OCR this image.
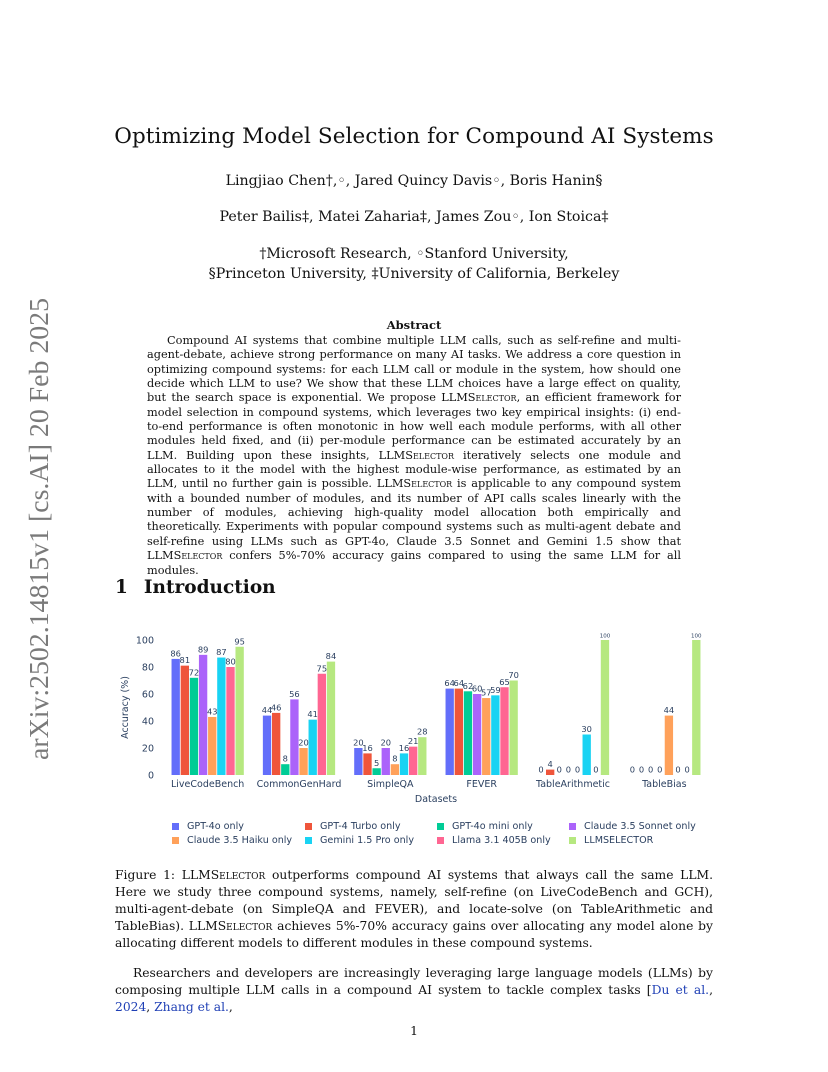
arXiv:2502.14815v1 [cs.AI] 20 Feb 2025
Optimizing Model Selection for Compound AI Systems
Lingjiao Chen†,◦, Jared Quincy Davis◦, Boris Hanin§
Peter Bailis‡, Matei Zaharia‡, James Zou◦, Ion Stoica‡
†Microsoft Research, ◦Stanford University,
§Princeton University, ‡University of California, Berkeley
Abstract
Compound AI systems that combine multiple LLM calls, such as self-refine and multi-agent-debate, achieve strong performance on many AI tasks. We address a core question in optimizing compound systems: for each LLM call or module in the system, how should one decide which LLM to use? We show that these LLM choices have a large effect on quality, but the search space is exponential. We propose LLMSelector, an efficient framework for model selection in compound systems, which leverages two key empirical insights: (i) end-to-end performance is often monotonic in how well each module performs, with all other modules held fixed, and (ii) per-module performance can be estimated accurately by an LLM. Building upon these insights, LLMSelector iteratively selects one module and allocates to it the model with the highest module-wise performance, as estimated by an LLM, until no further gain is possible. LLMSelector is applicable to any compound system with a bounded number of modules, and its number of API calls scales linearly with the number of modules, achieving high-quality model allocation both empirically and theoretically. Experiments with popular compound systems such as multi-agent debate and self-refine using LLMs such as GPT-4o, Claude 3.5 Sonnet and Gemini 1.5 show that LLMSelector confers 5%-70% accuracy gains compared to using the same LLM for all modules.
1 Introduction
0
20
40
60
80
100
Accuracy (%)
Datasets
LiveCodeBench
86
81
72
89
43
87
80
95
CommonGenHard
44
46
8
56
20
41
75
84
SimpleQA
20
16
5
20
8
16
21
28
FEVER
64
64
62
60
57
59
65
70
TableArithmetic
0
4
0 0 0
30
0
100
TableBias
0 0 0 0
44
0 0
100
GPT-4o only	GPT-4 Turbo only	GPT-4o mini only	Claude 3.5 Sonnet only
Claude 3.5 Haiku only	Gemini 1.5 Pro only	Llama 3.1 405B only	LLMSELECTOR
Figure 1: LLMSelector outperforms compound AI systems that always call the same LLM. Here we study three compound systems, namely, self-refine (on LiveCodeBench and GCH), multi-agent-debate (on SimpleQA and FEVER), and locate-solve (on TableArithmetic and TableBias). LLMSelector achieves 5%-70% accuracy gains over allocating any model alone by allocating different models to different modules in these compound systems.
Researchers and developers are increasingly leveraging large language models (LLMs) by composing multiple LLM calls in a compound AI system to tackle complex tasks [Du et al., 2024, Zhang et al.,
1
